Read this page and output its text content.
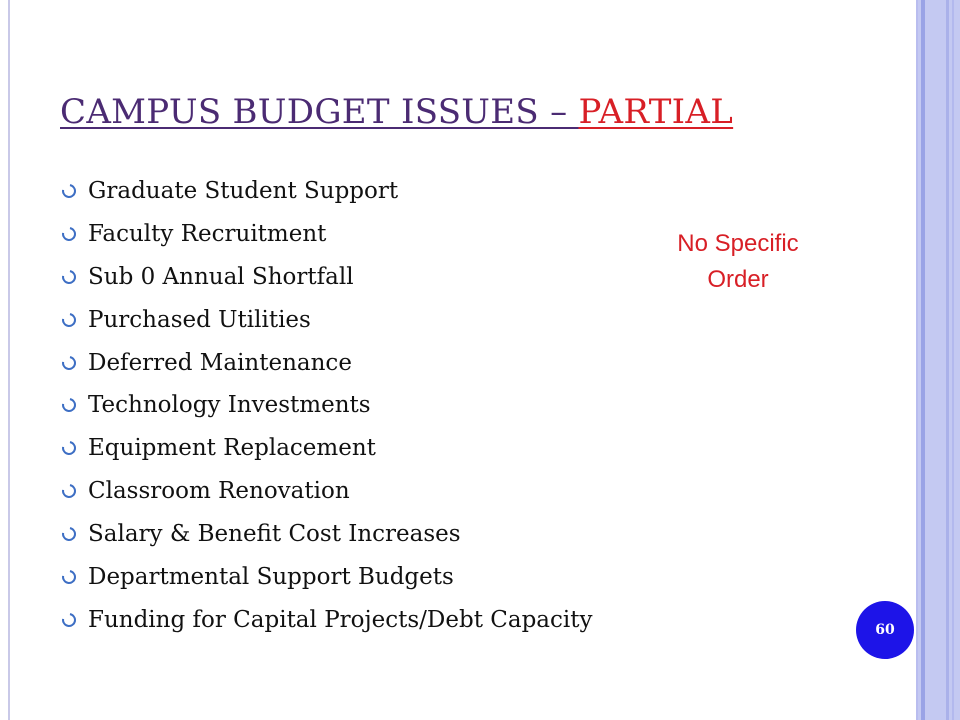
CAMPUS BUDGET ISSUES – PARTIAL
Graduate Student Support
Faculty Recruitment
Sub 0 Annual Shortfall
Purchased Utilities
Deferred Maintenance
Technology Investments
Equipment Replacement
Classroom Renovation
Salary & Benefit Cost Increases
Departmental Support Budgets
Funding for Capital Projects/Debt Capacity
No Specific
Order
60
